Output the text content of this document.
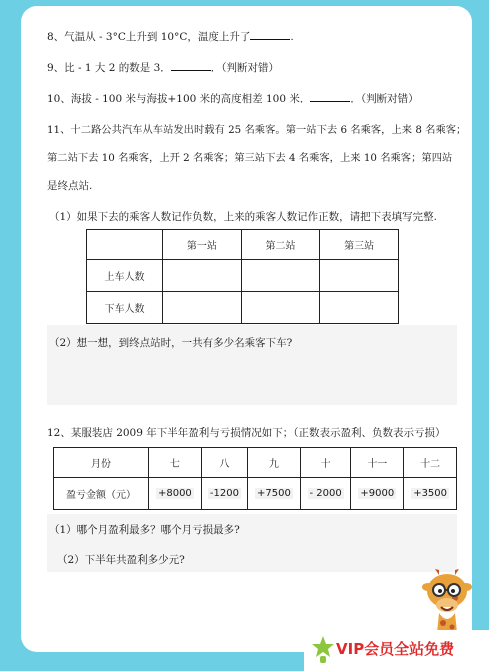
8、气温从 - 3°C上升到 10°C，温度上升了	.
9、比 - 1 大 2 的数是 3．	．（判断对错）
10、海拔 - 100 米与海拔+100 米的高度相差 100 米．	．（判断对错）
11、十二路公共汽车从车站发出时载有 25 名乘客。第一站下去 6 名乘客，上来 8 名乘客；
第二站下去 10 名乘客，上开 2 名乘客；第三站下去 4 名乘客，上来 10 名乘客；第四站
是终点站.
（1）如果下去的乘客人数记作负数，上来的乘客人数记作正数，请把下表填写完整.
	第一站	第二站	第三站
上车人数			
下车人数			
（2）想一想，到终点站时，一共有多少名乘客下车?
12、某服装店 2009 年下半年盈利与亏损情况如下；（正数表示盈利、负数表示亏损）
月份	七	八	九	十	十一	十二
盈亏金额（元）	+8000	-1200	+7500	- 2000	+9000	+3500
（1）哪个月盈利最多？哪个月亏损最多?
（2）下半年共盈利多少元?
VIP会员全站免费
